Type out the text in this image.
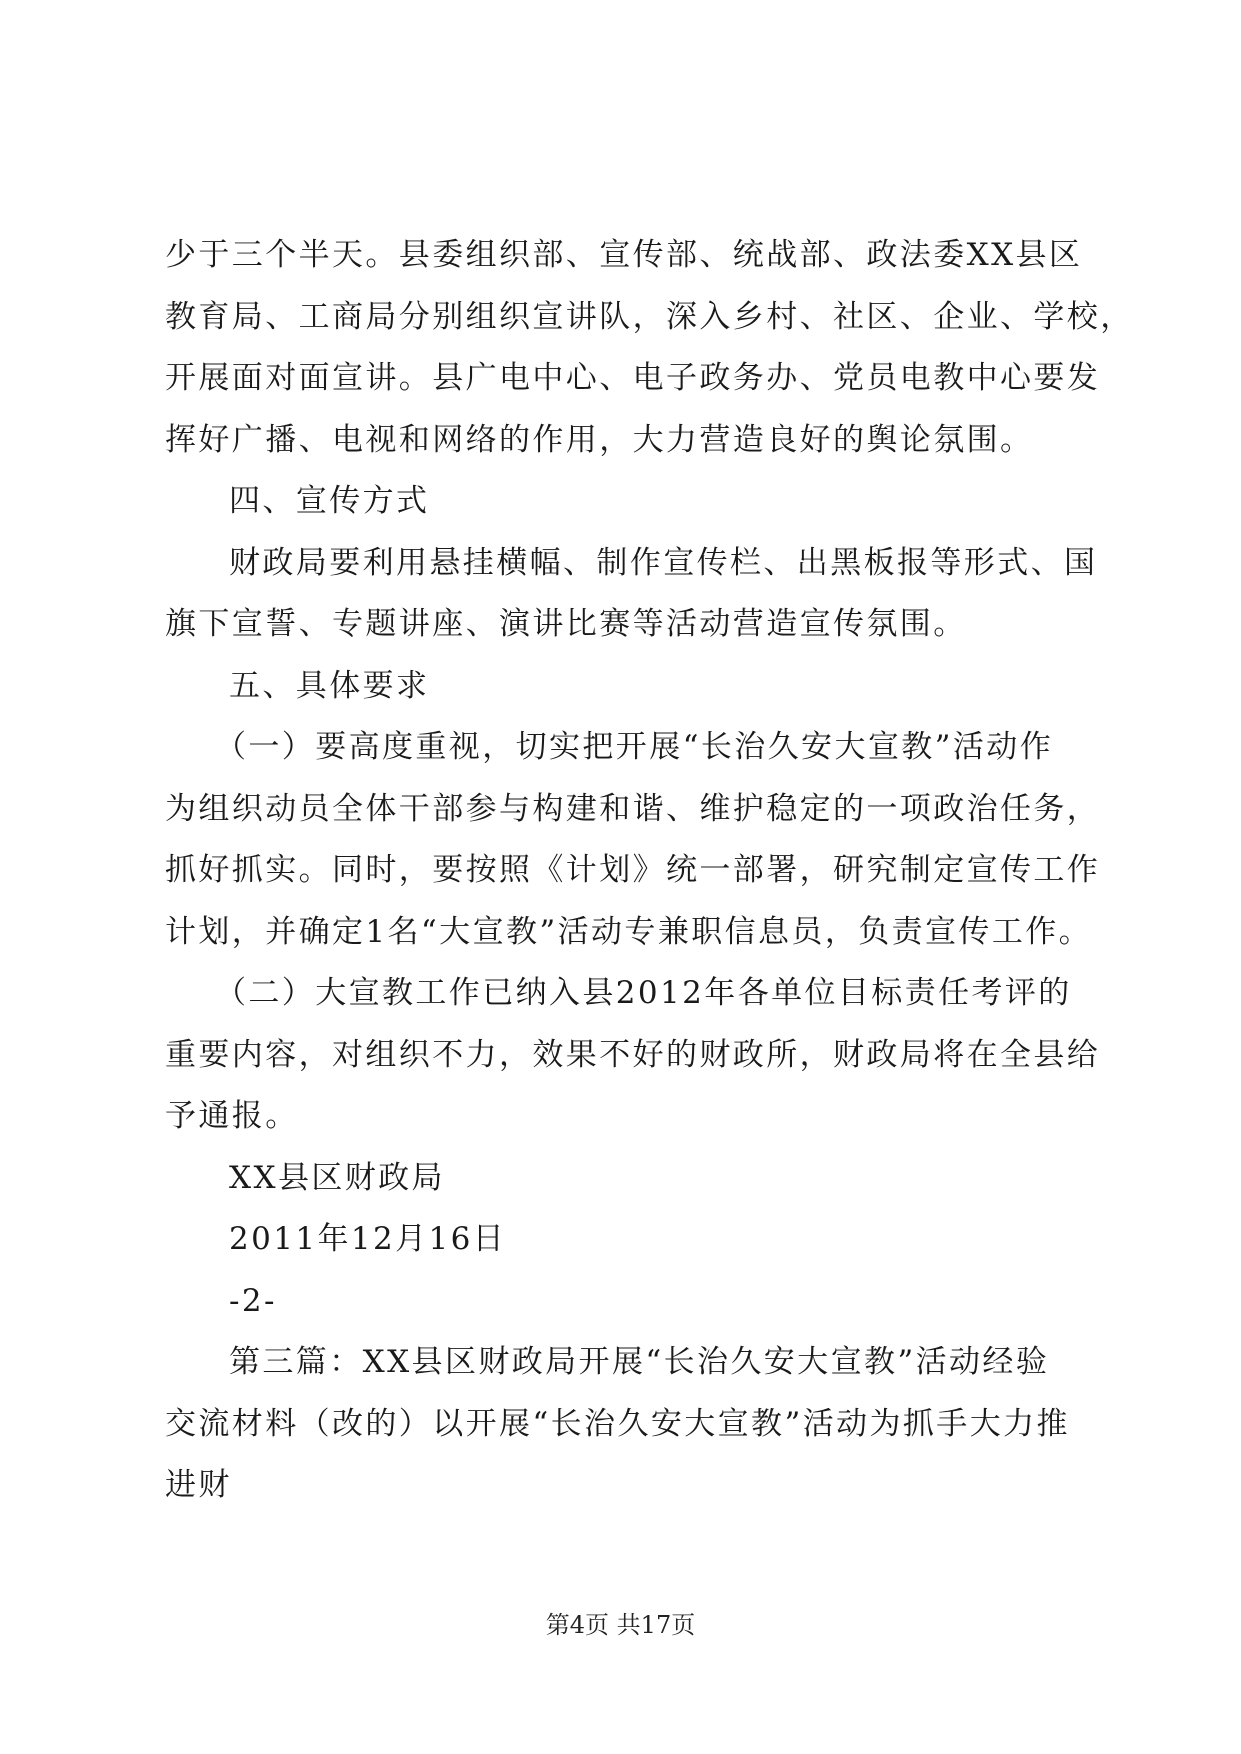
少于三个半天。县委组织部、宣传部、统战部、政法委XX县区
教育局、工商局分别组织宣讲队，深入乡村、社区、企业、学校，
开展面对面宣讲。县广电中心、电子政务办、党员电教中心要发
挥好广播、电视和网络的作用，大力营造良好的舆论氛围。
四、宣传方式
财政局要利用悬挂横幅、制作宣传栏、出黑板报等形式、国
旗下宣誓、专题讲座、演讲比赛等活动营造宣传氛围。
五、具体要求
（一）要高度重视，切实把开展“长治久安大宣教”活动作
为组织动员全体干部参与构建和谐、维护稳定的一项政治任务，
抓好抓实。同时，要按照《计划》统一部署，研究制定宣传工作
计划，并确定1名“大宣教”活动专兼职信息员，负责宣传工作。
（二）大宣教工作已纳入县2012年各单位目标责任考评的
重要内容，对组织不力，效果不好的财政所，财政局将在全县给
予通报。
XX县区财政局
2011年12月16日
-2-
第三篇：XX县区财政局开展“长治久安大宣教”活动经验
交流材料（改的）以开展“长治久安大宣教”活动为抓手大力推
进财
第4页 共17页
